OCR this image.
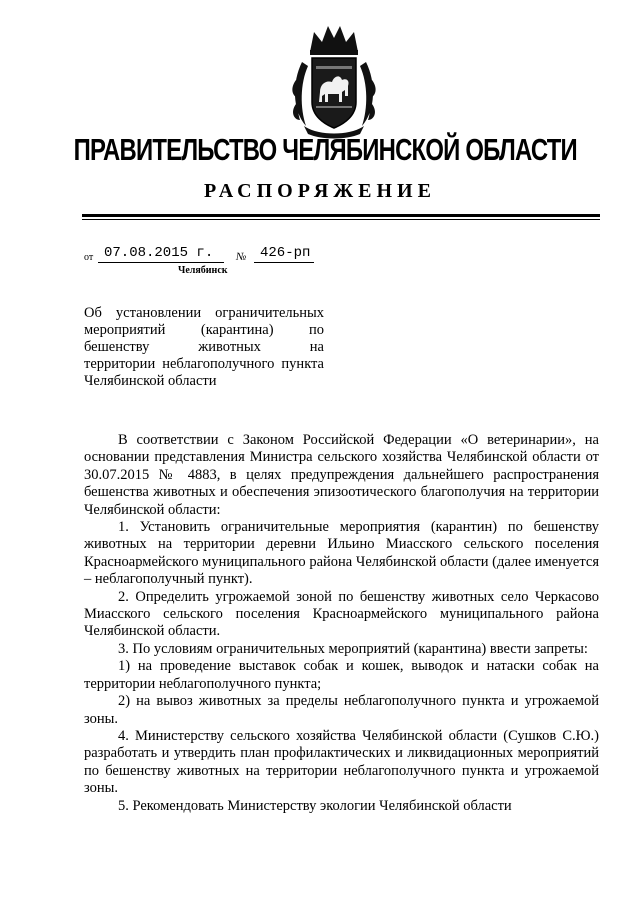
ПРАВИТЕЛЬСТВО ЧЕЛЯБИНСКОЙ ОБЛАСТИ
РАСПОРЯЖЕНИЕ
от 07.08.2015 г.	№ 426-рп
Челябинск
Об установлении ограничительных
мероприятий (карантина) по
бешенству животных на
территории неблагополучного пункта
Челябинской области

В соответствии с Законом Российской Федерации «О ветеринарии», на основании представления Министра сельского хозяйства Челябинской области от 30.07.2015 № 4883, в целях предупреждения дальнейшего распространения бешенства животных и обеспечения эпизоотического благополучия на территории Челябинской области:

1. Установить ограничительные мероприятия (карантин) по бешенству животных на территории деревни Ильино Миасского сельского поселения Красноармейского муниципального района Челябинской области (далее именуется – неблагополучный пункт).

2. Определить угрожаемой зоной по бешенству животных село Черкасово Миасского сельского поселения Красноармейского муниципального района Челябинской области.

3. По условиям ограничительных мероприятий (карантина) ввести запреты:

1) на проведение выставок собак и кошек, выводок и натаски собак на территории неблагополучного пункта;

2) на вывоз животных за пределы неблагополучного пункта и угрожаемой зоны.

4. Министерству сельского хозяйства Челябинской области (Сушков С.Ю.) разработать и утвердить план профилактических и ликвидационных мероприятий по бешенству животных на территории неблагополучного пункта и угрожаемой зоны.

5. Рекомендовать Министерству экологии Челябинской области
